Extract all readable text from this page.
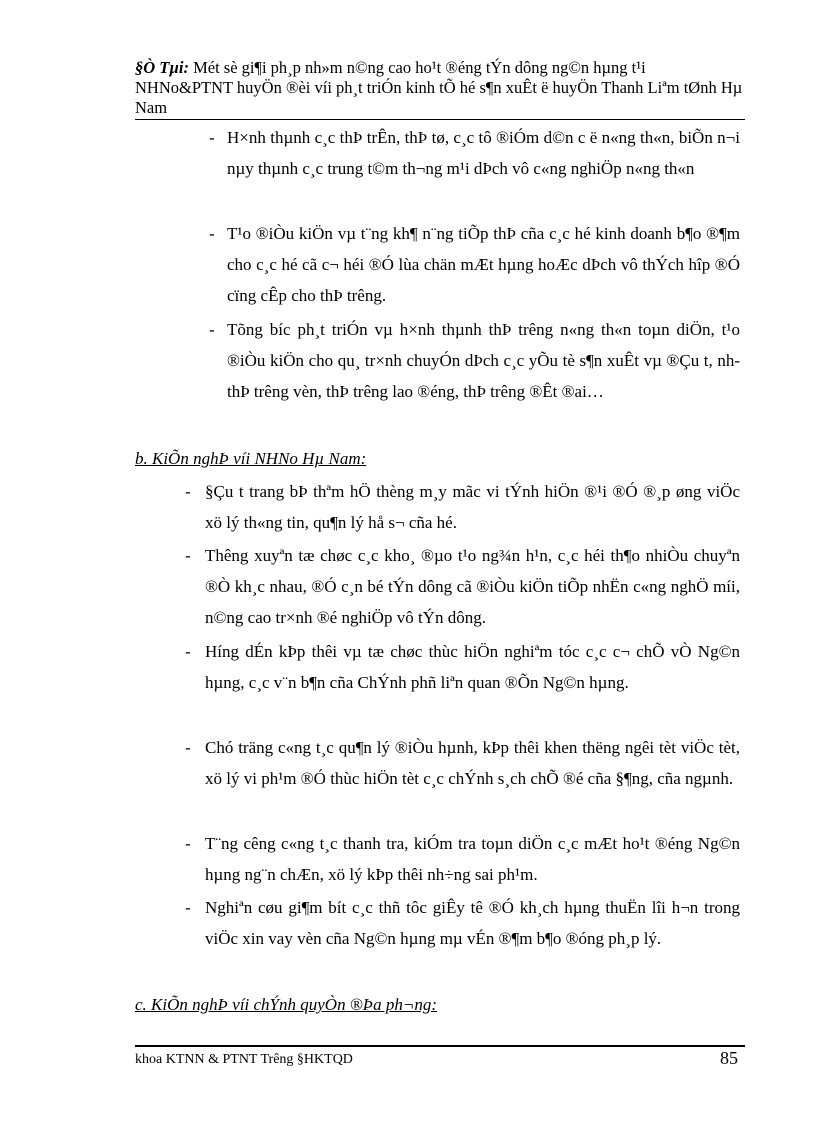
§Ò Tµi: Mét sè gi¶i ph¸p nh»m n©ng cao ho¹t ®éng tÝn dông ng©n hµng t¹i NHNo&PTNT huyÖn ®èi víi ph¸t triÓn kinh tÕ hé s¶n xuÊt ë huyÖn Thanh Liªm tØnh Hµ Nam
- H×nh thµnh c¸c thÞ trÊn, thÞ tø, c¸c tô ®iÓm d©n c ë n«ng th«n, biÕn n¬i nµy thµnh c¸c trung t©m th¬ng m¹i dÞch vô c«ng nghiÖp n«ng th«n
- T¹o ®iÒu kiÖn vµ t¨ng kh¶ n¨ng tiÕp thÞ cña c¸c hé kinh doanh b¶o ®¶m cho c¸c hé cã c¬ héi ®Ó lùa chän mÆt hµng hoÆc dÞch vô thÝch hîp ®Ó cïng cÊp cho thÞ trêng.
- Tõng bíc ph¸t triÓn vµ h×nh thµnh thÞ trêng n«ng th«n toµn diÖn, t¹o ®iÒu kiÖn cho qu¸ tr×nh chuyÓn dÞch c¸c yÕu tè s¶n xuÊt vµ ®Çu t, nh thÞ trêng vèn, thÞ trêng lao ®éng, thÞ trêng ®Êt ®ai…
b. KiÕn nghÞ víi NHNo Hµ Nam:
- §Çu t trang bÞ thªm hÖ thèng m¸y mãc vi tÝnh hiÖn ®¹i ®Ó ®¸p øng viÖc xö lý th«ng tin, qu¶n lý hå s¬ cña hé.
- Thêng xuyªn tæ chøc c¸c kho¸ ®µo t¹o ng¾n h¹n, c¸c héi th¶o nhiÒu chuyªn ®Ò kh¸c nhau, ®Ó c¸n bé tÝn dông cã ®iÒu kiÖn tiÕp nhËn c«ng nghÖ míi, n©ng cao tr×nh ®é nghiÖp vô tÝn dông.
- Híng dÉn kÞp thêi vµ tæ chøc thùc hiÖn nghiªm tóc c¸c c¬ chÕ vÒ Ng©n hµng, c¸c v¨n b¶n cña ChÝnh phñ liªn quan ®Õn Ng©n hµng.
- Chó träng c«ng t¸c qu¶n lý ®iÒu hµnh, kÞp thêi khen thëng ngêi tèt viÖc tèt, xö lý vi ph¹m ®Ó thùc hiÖn tèt c¸c chÝnh s¸ch chÕ ®é cña §¶ng, cña ngµnh.
- T¨ng cêng c«ng t¸c thanh tra, kiÓm tra toµn diÖn c¸c mÆt ho¹t ®éng Ng©n hµng ng¨n chÆn, xö lý kÞp thêi nh÷ng sai ph¹m.
- Nghiªn cøu gi¶m bít c¸c thñ tôc giÊy tê ®Ó kh¸ch hµng thuËn lîi h¬n trong viÖc xin vay vèn cña Ng©n hµng mµ vÉn ®¶m b¶o ®óng ph¸p lý.
c. KiÕn nghÞ víi chÝnh quyÒn ®Þa ph¬ng:
khoa KTNN & PTNT Trêng §HKTQD	85
